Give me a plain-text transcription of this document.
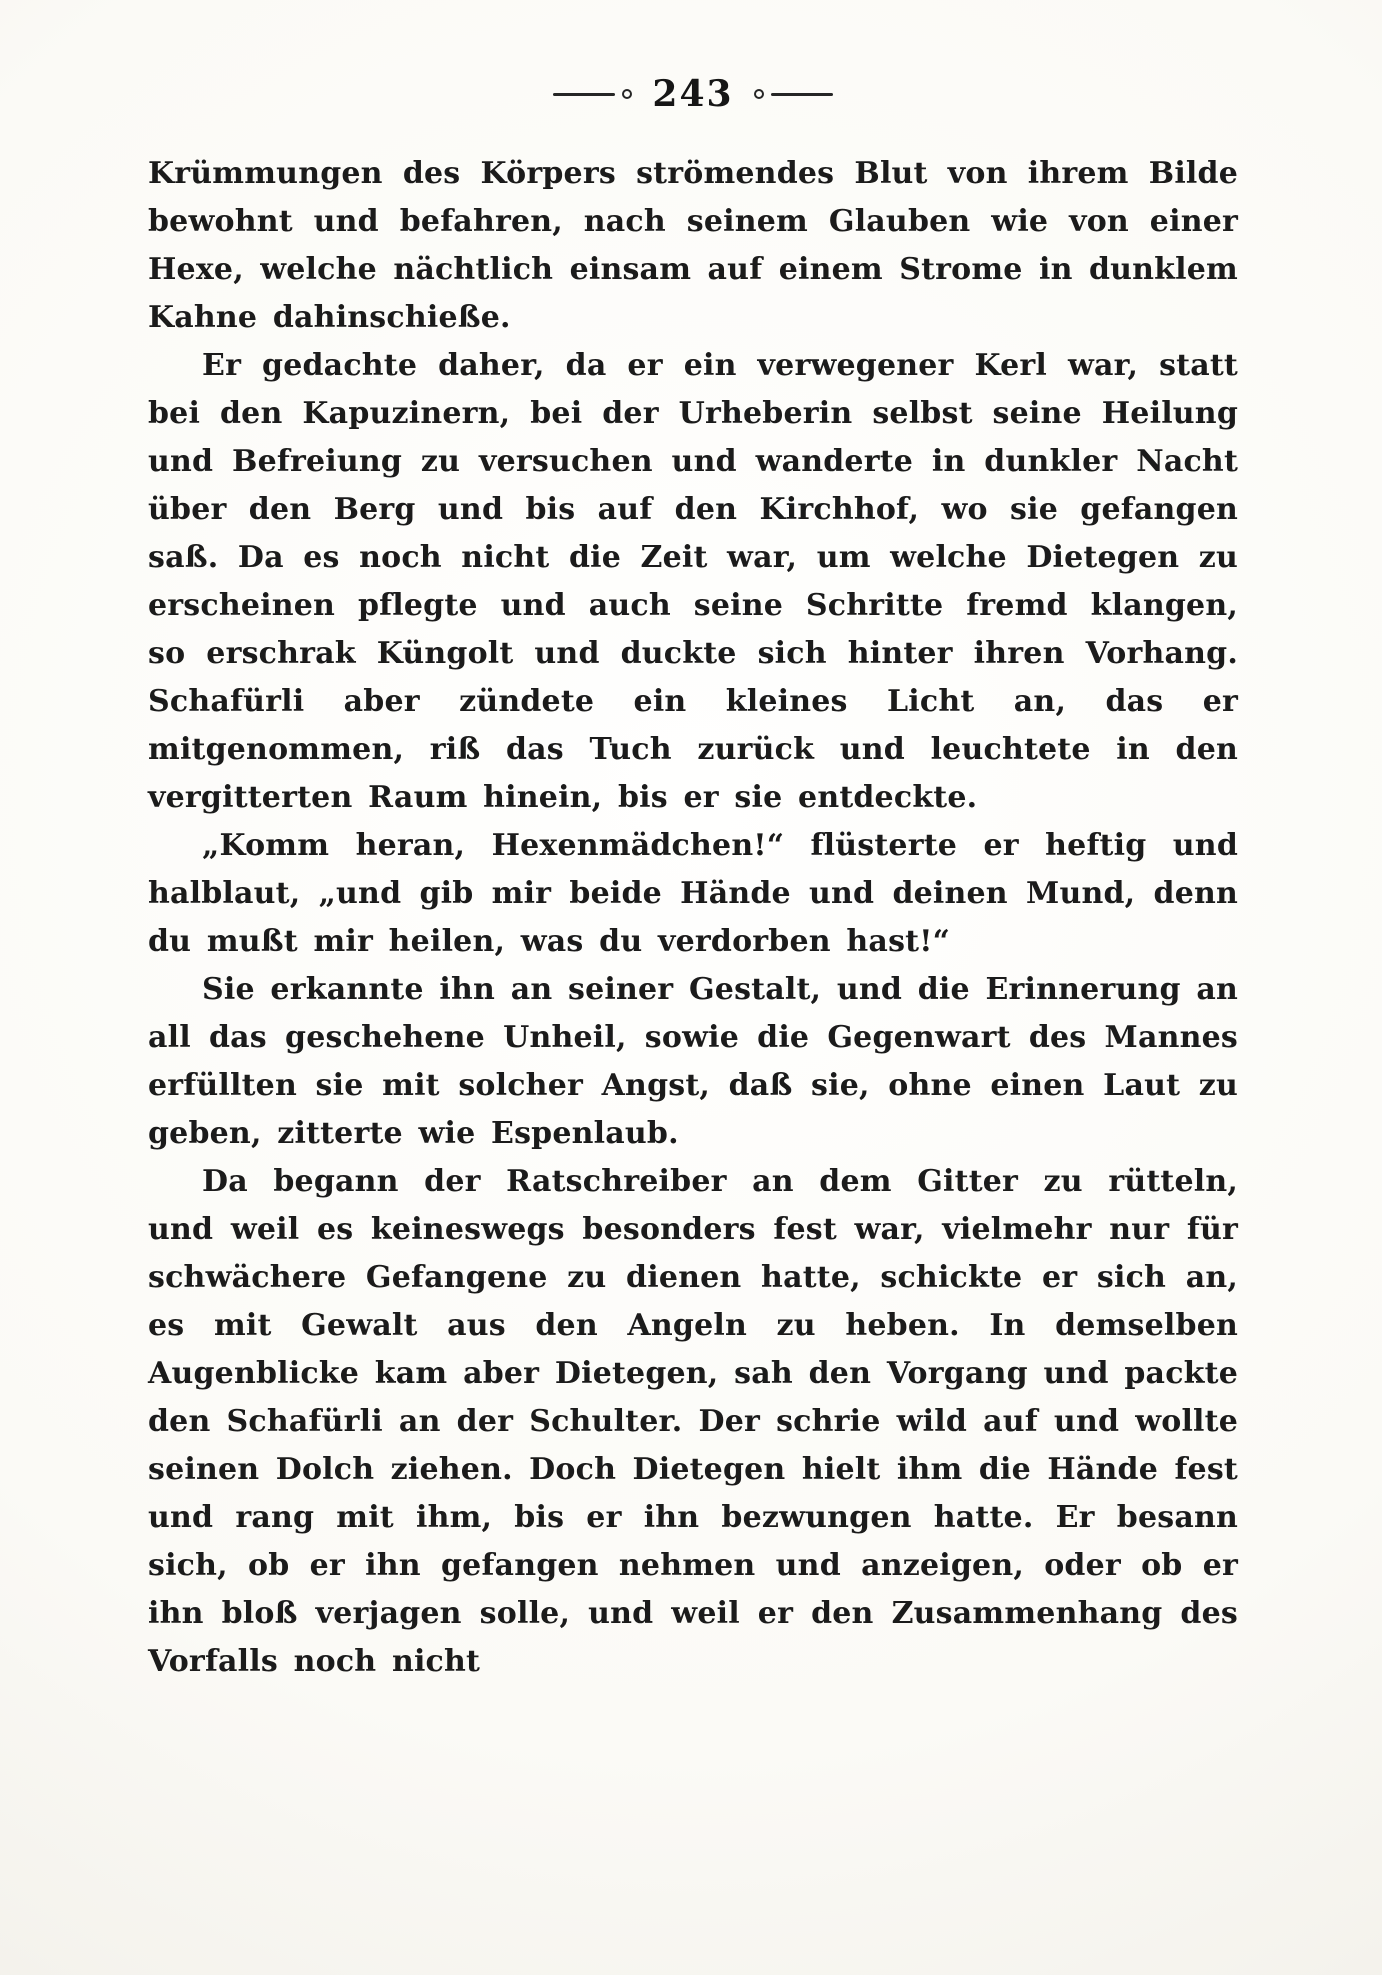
243

Krümmungen des Körpers strömendes Blut von ihrem Bilde bewohnt und befahren, nach seinem Glauben wie von einer Hexe, welche nächtlich einsam auf einem Strome in dunklem Kahne dahinschieße.

Er gedachte daher, da er ein verwegener Kerl war, statt bei den Kapuzinern, bei der Urheberin selbst seine Heilung und Befreiung zu versuchen und wanderte in dunkler Nacht über den Berg und bis auf den Kirchhof, wo sie gefangen saß. Da es noch nicht die Zeit war, um welche Dietegen zu erscheinen pflegte und auch seine Schritte fremd klangen, so erschrak Küngolt und duckte sich hinter ihren Vorhang. Schafürli aber zündete ein kleines Licht an, das er mitgenommen, riß das Tuch zurück und leuchtete in den vergitterten Raum hinein, bis er sie entdeckte.

„Komm heran, Hexenmädchen!“ flüsterte er heftig und halblaut, „und gib mir beide Hände und deinen Mund, denn du mußt mir heilen, was du verdorben hast!“

Sie erkannte ihn an seiner Gestalt, und die Erinnerung an all das geschehene Unheil, sowie die Gegenwart des Mannes erfüllten sie mit solcher Angst, daß sie, ohne einen Laut zu geben, zitterte wie Espenlaub.

Da begann der Ratschreiber an dem Gitter zu rütteln, und weil es keineswegs besonders fest war, vielmehr nur für schwächere Gefangene zu dienen hatte, schickte er sich an, es mit Gewalt aus den Angeln zu heben. In demselben Augenblicke kam aber Dietegen, sah den Vorgang und packte den Schafürli an der Schulter. Der schrie wild auf und wollte seinen Dolch ziehen. Doch Dietegen hielt ihm die Hände fest und rang mit ihm, bis er ihn bezwungen hatte. Er besann sich, ob er ihn gefangen nehmen und anzeigen, oder ob er ihn bloß verjagen solle, und weil er den Zusammenhang des Vorfalls noch nicht
